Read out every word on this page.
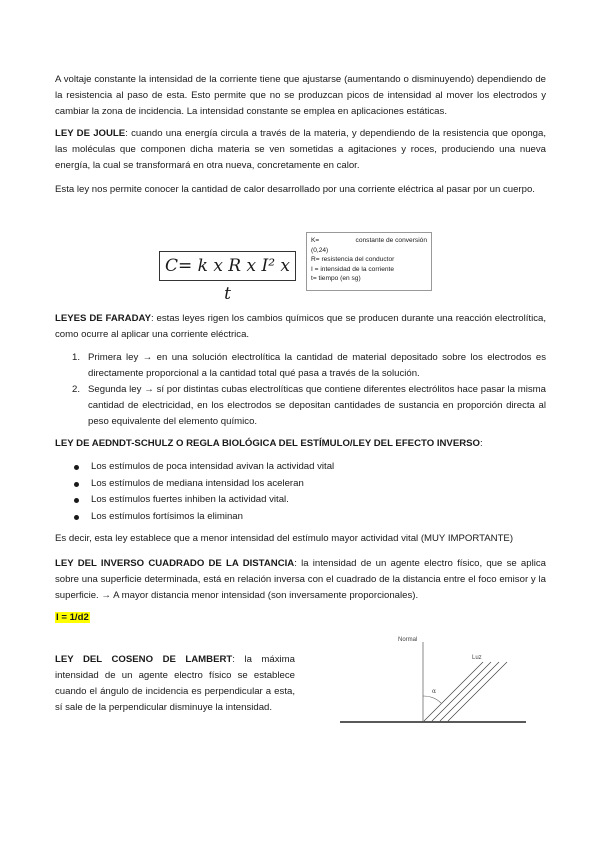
A voltaje constante la intensidad de la corriente tiene que ajustarse (aumentando o disminuyendo) dependiendo de la resistencia al paso de esta. Esto permite que no se produzcan picos de intensidad al mover los electrodos y cambiar la zona de incidencia. La intensidad constante se emplea en aplicaciones estáticas.

LEY DE JOULE: cuando una energía circula a través de la materia, y dependiendo de la resistencia que oponga, las moléculas que componen dicha materia se ven sometidas a agitaciones y roces, produciendo una nueva energía, la cual se transformará en otra nueva, concretamente en calor.

Esta ley nos permite conocer la cantidad de calor desarrollado por una corriente eléctrica al pasar por un cuerpo.

C= k x R x I² x t
K=	constante de conversión
(0,24)
R= resistencia del conductor
I = intensidad de la corriente
t= tiempo (en sg)

LEYES DE FARADAY: estas leyes rigen los cambios químicos que se producen durante una reacción electrolítica, como ocurre al aplicar una corriente eléctrica.

1. Primera ley → en una solución electrolítica la cantidad de material depositado sobre los electrodos es directamente proporcional a la cantidad total qué pasa a través de la solución.
2. Segunda ley → sí por distintas cubas electrolíticas que contiene diferentes electrólitos hace pasar la misma cantidad de electricidad, en los electrodos se depositan cantidades de sustancia en proporción directa al peso equivalente del elemento químico.

LEY DE AEDNDT-SCHULZ O REGLA BIOLÓGICA DEL ESTÍMULO/LEY DEL EFECTO INVERSO:

Los estímulos de poca intensidad avivan la actividad vital
Los estímulos de mediana intensidad los aceleran
Los estímulos fuertes inhiben la actividad vital.
Los estímulos fortísimos la eliminan

Es decir, esta ley establece que a menor intensidad del estímulo mayor actividad vital (MUY IMPORTANTE)

LEY DEL INVERSO CUADRADO DE LA DISTANCIA: la intensidad de un agente electro físico, que se aplica sobre una superficie determinada, está en relación inversa con el cuadrado de la distancia entre el foco emisor y la superficie. → A mayor distancia menor intensidad (son inversamente proporcionales).

I = 1/d2

LEY DEL COSENO DE LAMBERT: la máxima intensidad de un agente electro físico se establece cuando el ángulo de incidencia es perpendicular a esta, sí sale de la perpendicular disminuye la intensidad.

Normal
Luz
α
